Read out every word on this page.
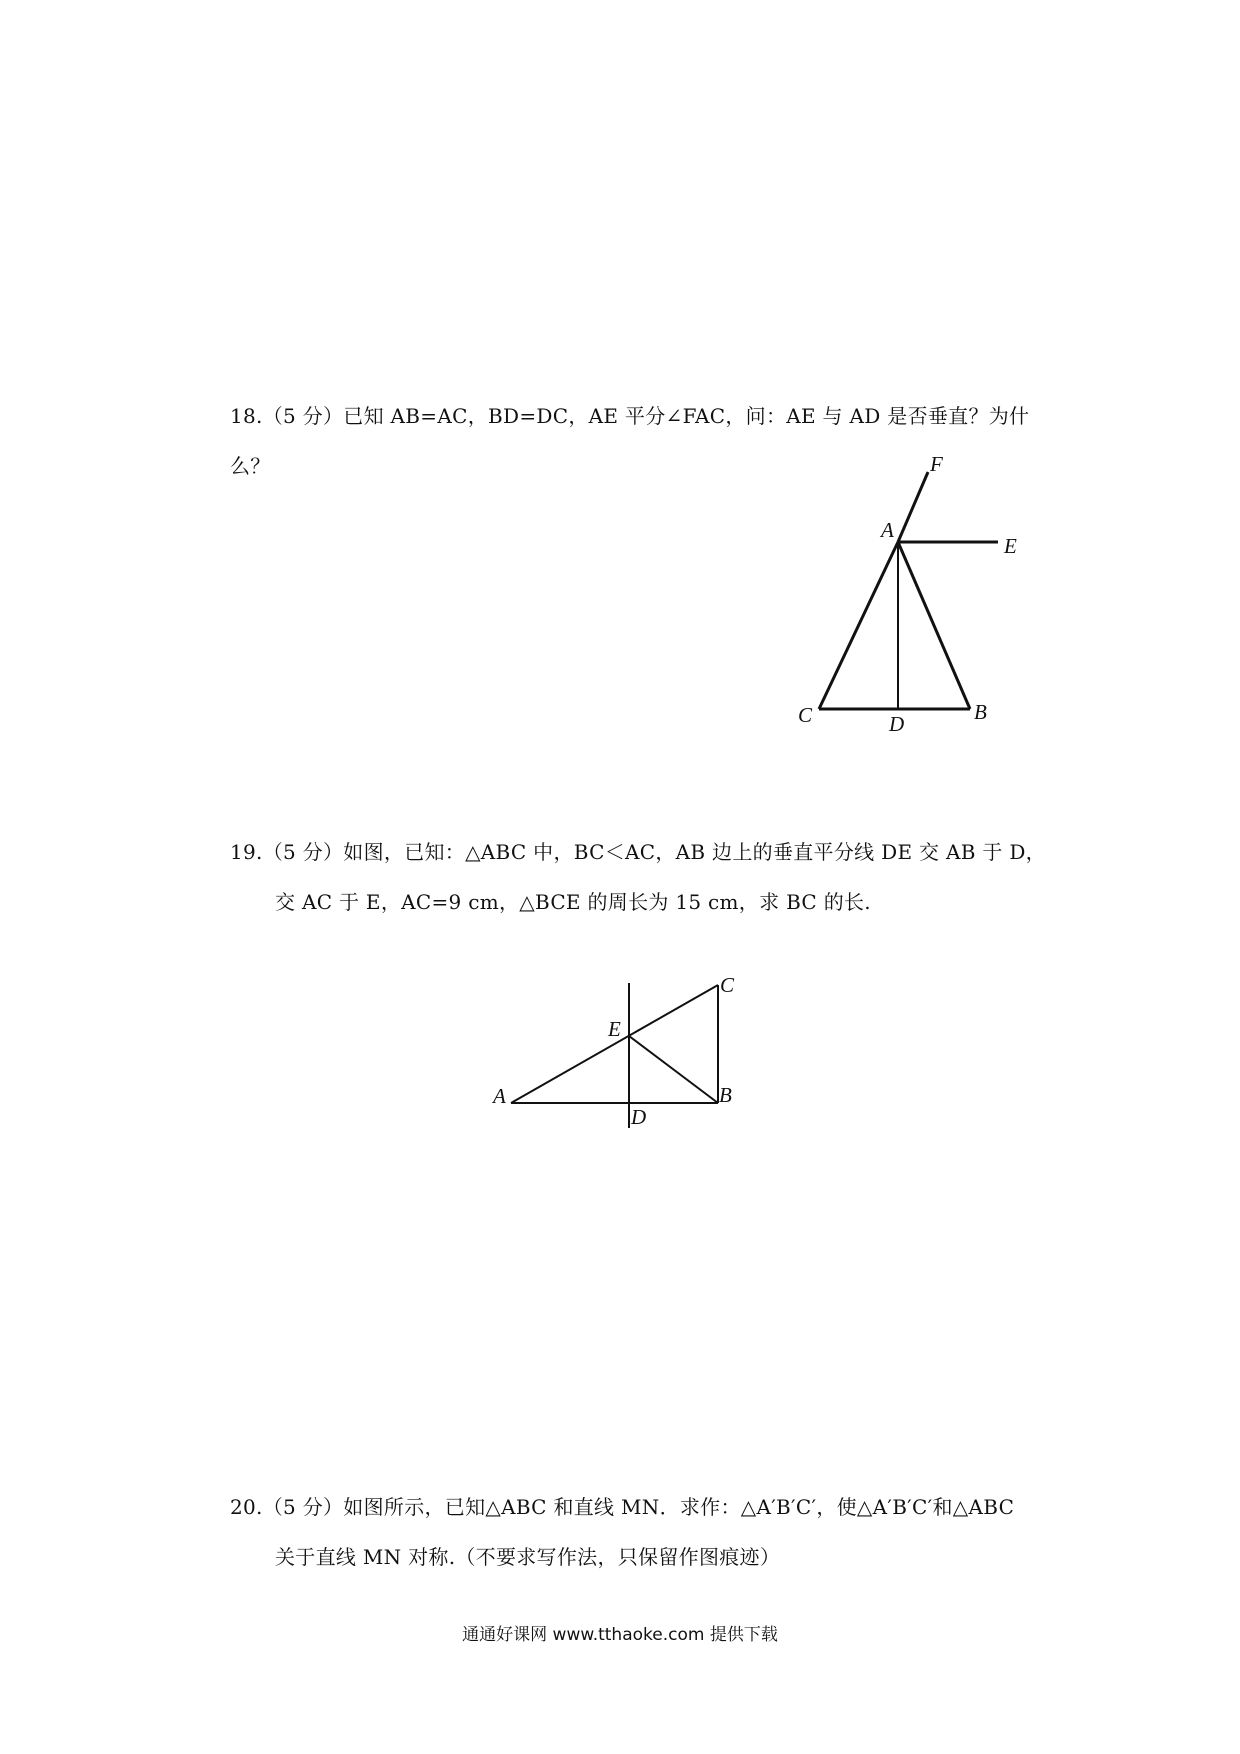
18.（5 分）已知 AB=AC，BD=DC，AE 平分∠FAC，问：AE 与 AD 是否垂直？为什么？
19.（5 分）如图，已知：△ABC 中，BC＜AC，AB 边上的垂直平分线 DE 交 AB 于 D，
交 AC 于 E，AC=9 cm，△BCE 的周长为 15 cm，求 BC 的长.
20.（5 分）如图所示，已知△ABC 和直线 MN．求作：△A′B′C′，使△A′B′C′和△ABC
关于直线 MN 对称.（不要求写作法，只保留作图痕迹）
F
A
E
C	D	B
C
E
A	B
D
通通好课网 www.tthaoke.com 提供下载
